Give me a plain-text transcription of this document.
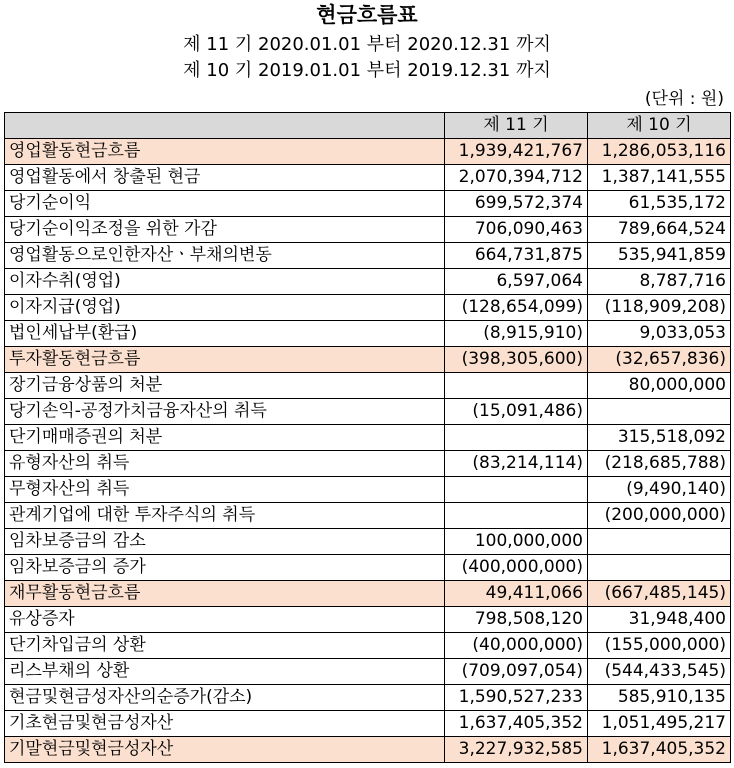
현금흐름표
제 11 기 2020.01.01 부터 2020.12.31 까지
제 10 기 2019.01.01 부터 2019.12.31 까지
(단위 : 원)
	제 11 기	제 10 기
영업활동현금흐름	1,939,421,767	1,286,053,116
영업활동에서 창출된 현금	2,070,394,712	1,387,141,555
당기순이익	699,572,374	61,535,172
당기순이익조정을 위한 가감	706,090,463	789,664,524
영업활동으로인한자산ㆍ부채의변동	664,731,875	535,941,859
이자수취(영업)	6,597,064	8,787,716
이자지급(영업)	(128,654,099)	(118,909,208)
법인세납부(환급)	(8,915,910)	9,033,053
투자활동현금흐름	(398,305,600)	(32,657,836)
장기금융상품의 처분		80,000,000
당기손익-공정가치금융자산의 취득	(15,091,486)	
단기매매증권의 처분		315,518,092
유형자산의 취득	(83,214,114)	(218,685,788)
무형자산의 취득		(9,490,140)
관계기업에 대한 투자주식의 취득		(200,000,000)
임차보증금의 감소	100,000,000	
임차보증금의 증가	(400,000,000)	
재무활동현금흐름	49,411,066	(667,485,145)
유상증자	798,508,120	31,948,400
단기차입금의 상환	(40,000,000)	(155,000,000)
리스부채의 상환	(709,097,054)	(544,433,545)
현금및현금성자산의순증가(감소)	1,590,527,233	585,910,135
기초현금및현금성자산	1,637,405,352	1,051,495,217
기말현금및현금성자산	3,227,932,585	1,637,405,352
